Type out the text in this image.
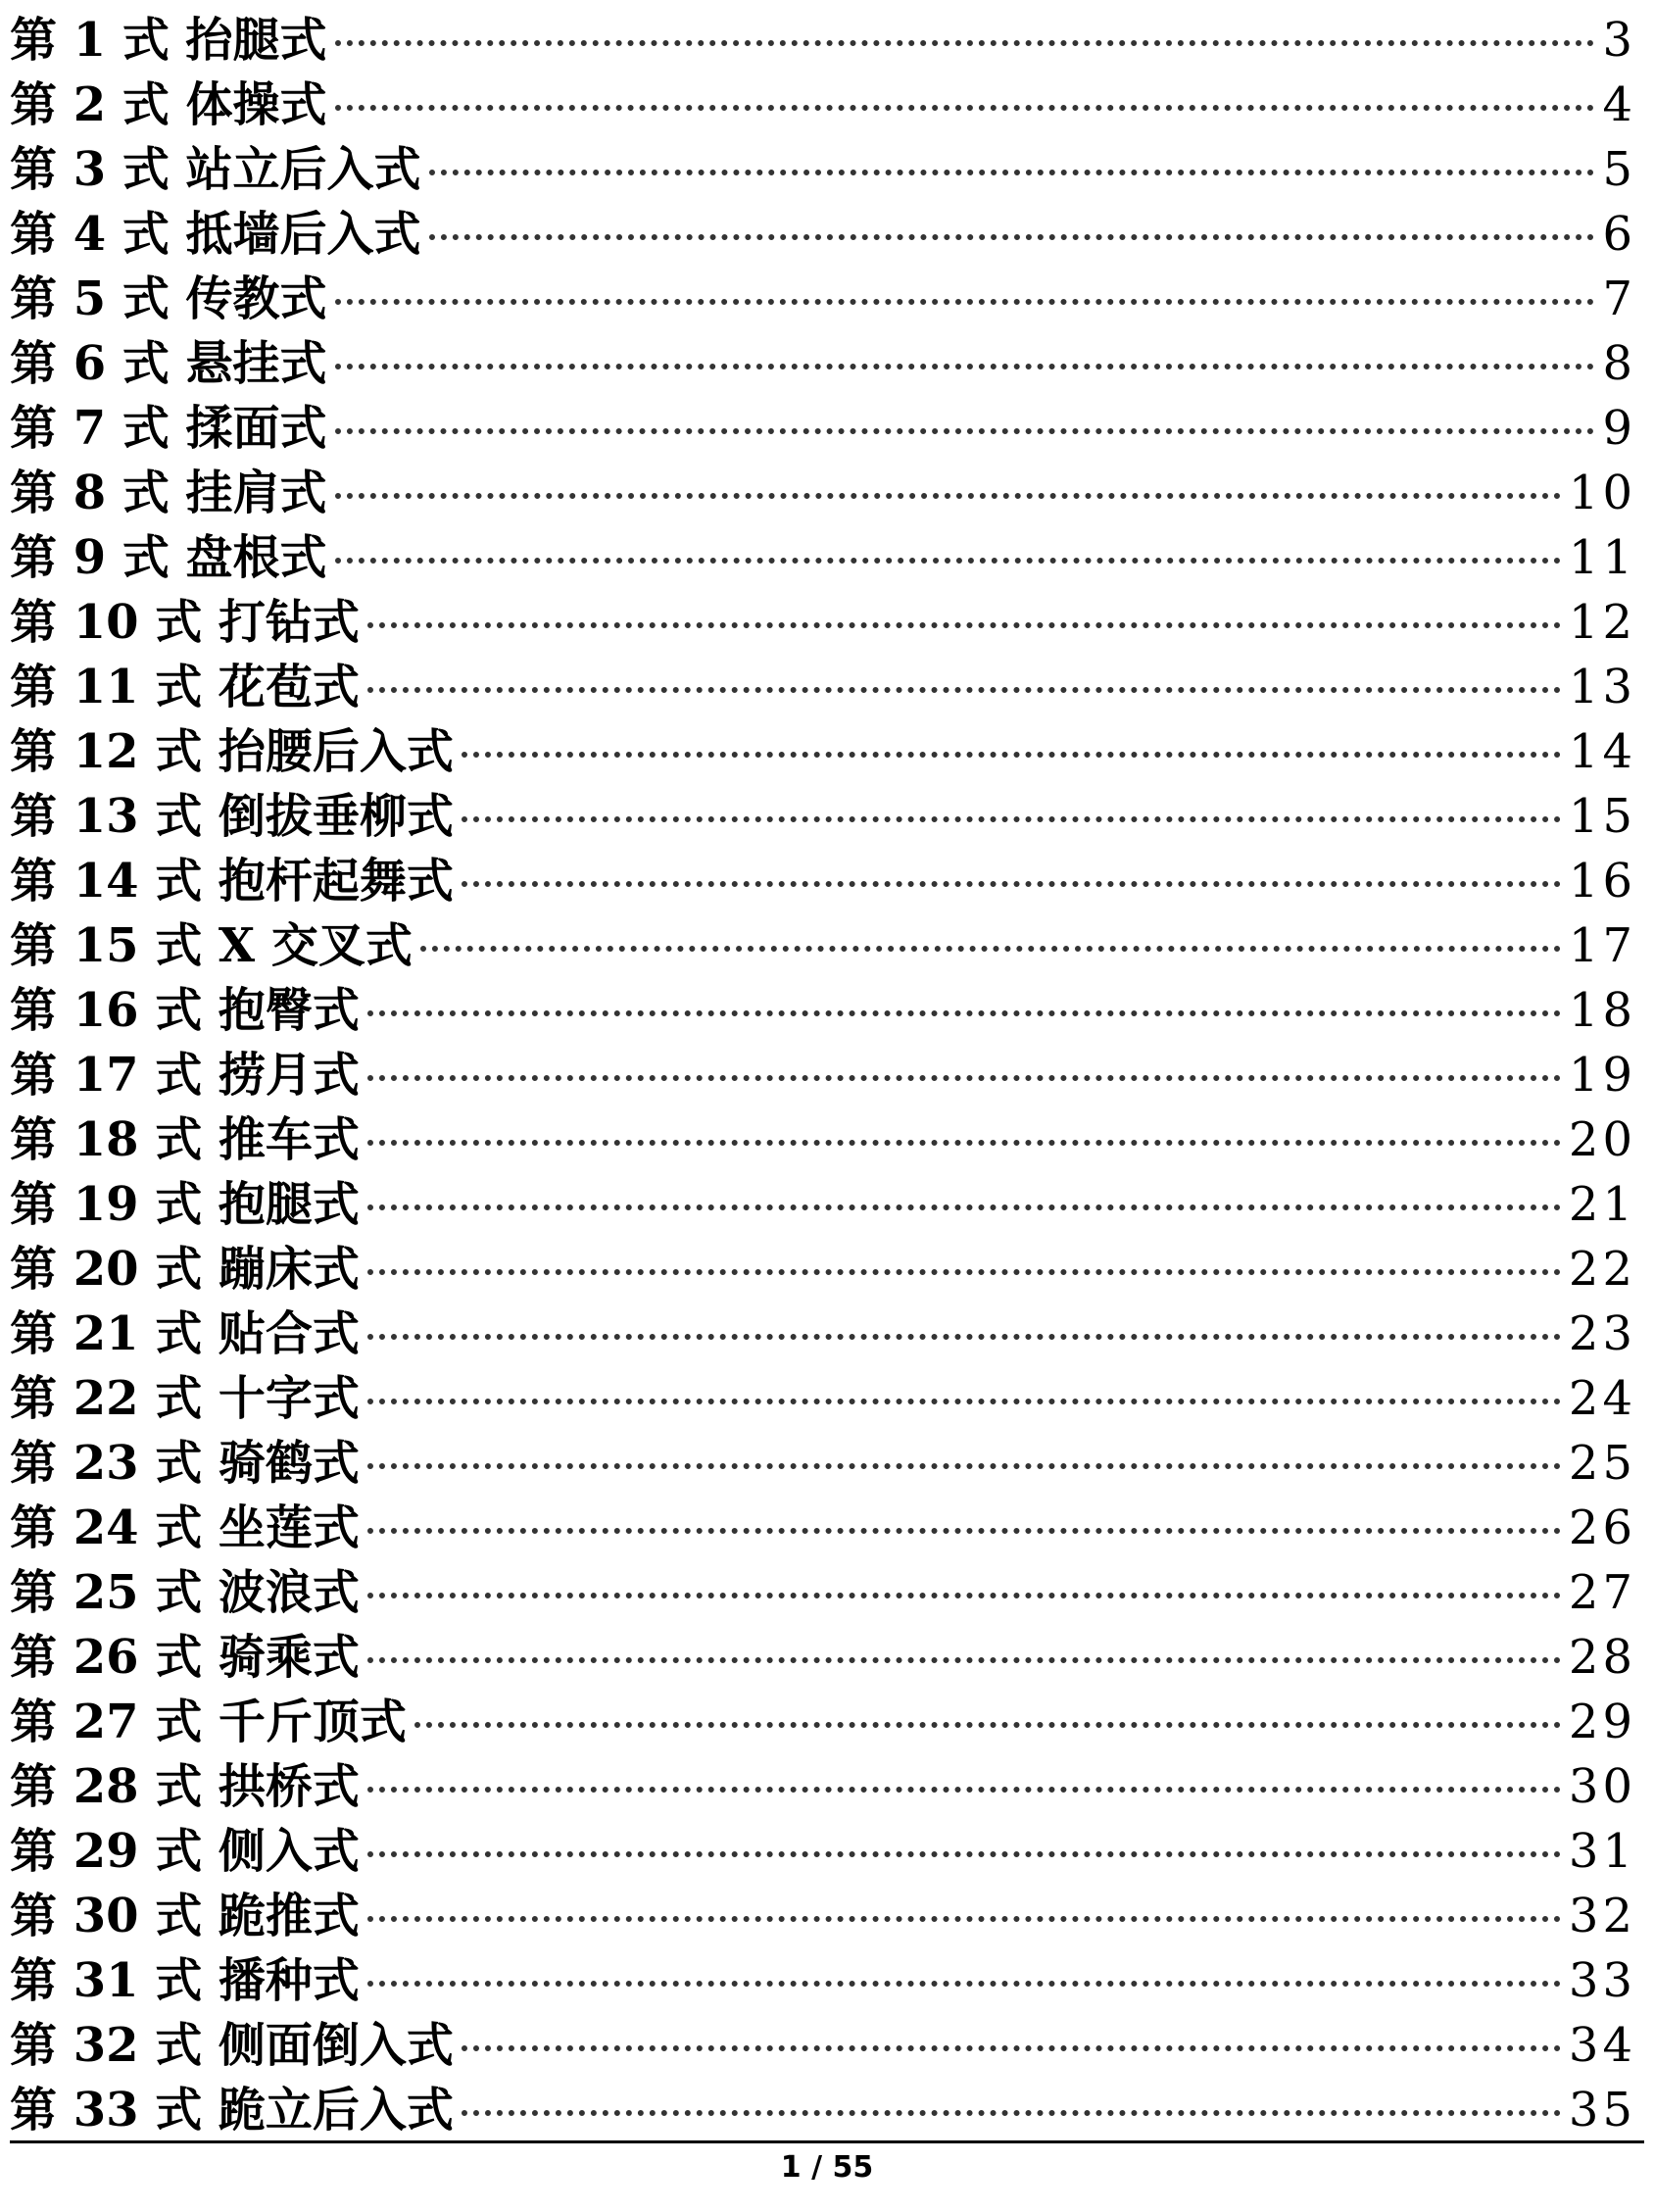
第 1 式 抬腿式	3
第 2 式 体操式	4
第 3 式 站立后入式	5
第 4 式 抵墙后入式	6
第 5 式 传教式	7
第 6 式 悬挂式	8
第 7 式 揉面式	9
第 8 式 挂肩式	10
第 9 式 盘根式	11
第 10 式 打钻式	12
第 11 式 花苞式	13
第 12 式 抬腰后入式	14
第 13 式 倒拔垂柳式	15
第 14 式 抱杆起舞式	16
第 15 式 X 交叉式	17
第 16 式 抱臀式	18
第 17 式 捞月式	19
第 18 式 推车式	20
第 19 式 抱腿式	21
第 20 式 蹦床式	22
第 21 式 贴合式	23
第 22 式 十字式	24
第 23 式 骑鹤式	25
第 24 式 坐莲式	26
第 25 式 波浪式	27
第 26 式 骑乘式	28
第 27 式 千斤顶式	29
第 28 式 拱桥式	30
第 29 式 侧入式	31
第 30 式 跪推式	32
第 31 式 播种式	33
第 32 式 侧面倒入式	34
第 33 式 跪立后入式	35
1 / 55
